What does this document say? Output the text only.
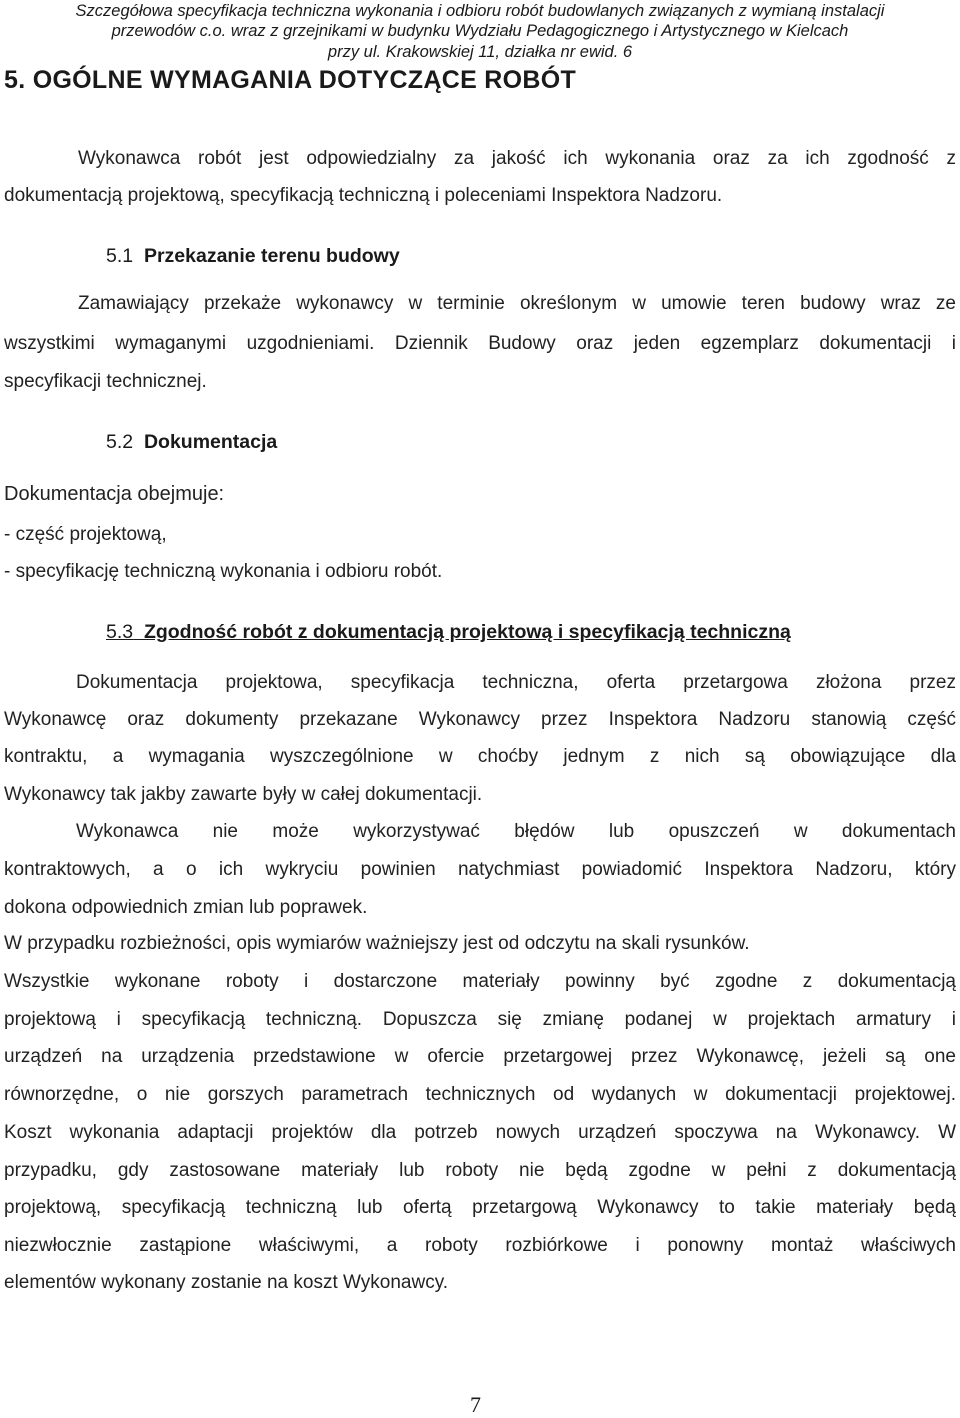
Szczegółowa specyfikacja techniczna wykonania i odbioru robót budowlanych związanych z wymianą instalacji
przewodów c.o. wraz z grzejnikami w budynku Wydziału Pedagogicznego i Artystycznego w Kielcach
przy ul. Krakowskiej 11, działka nr ewid. 6
5. OGÓLNE WYMAGANIA DOTYCZĄCE ROBÓT
Wykonawca robót jest odpowiedzialny za jakość ich wykonania oraz za ich zgodność z
dokumentacją projektową, specyfikacją techniczną i poleceniami Inspektora Nadzoru.
5.1 Przekazanie terenu budowy
Zamawiający przekaże wykonawcy w terminie określonym w umowie teren budowy wraz ze
wszystkimi wymaganymi uzgodnieniami. Dziennik Budowy oraz jeden egzemplarz dokumentacji i
specyfikacji technicznej.
5.2 Dokumentacja
Dokumentacja obejmuje:
- część projektową,
- specyfikację techniczną wykonania i odbioru robót.
5.3 Zgodność robót z dokumentacją projektową i specyfikacją techniczną
Dokumentacja projektowa, specyfikacja techniczna, oferta przetargowa złożona przez
Wykonawcę oraz dokumenty przekazane Wykonawcy przez Inspektora Nadzoru stanowią część
kontraktu, a wymagania wyszczególnione w choćby jednym z nich są obowiązujące dla
Wykonawcy tak jakby zawarte były w całej dokumentacji.
Wykonawca nie może wykorzystywać błędów lub opuszczeń w dokumentach
kontraktowych, a o ich wykryciu powinien natychmiast powiadomić Inspektora Nadzoru, który
dokona odpowiednich zmian lub poprawek.
W przypadku rozbieżności, opis wymiarów ważniejszy jest od odczytu na skali rysunków.
Wszystkie wykonane roboty i dostarczone materiały powinny być zgodne z dokumentacją
projektową i specyfikacją techniczną. Dopuszcza się zmianę podanej w projektach armatury i
urządzeń na urządzenia przedstawione w ofercie przetargowej przez Wykonawcę, jeżeli są one
równorzędne, o nie gorszych parametrach technicznych od wydanych w dokumentacji projektowej.
Koszt wykonania adaptacji projektów dla potrzeb nowych urządzeń spoczywa na Wykonawcy. W
przypadku, gdy zastosowane materiały lub roboty nie będą zgodne w pełni z dokumentacją
projektową, specyfikacją techniczną lub ofertą przetargową Wykonawcy to takie materiały będą
niezwłocznie zastąpione właściwymi, a roboty rozbiórkowe i ponowny montaż właściwych
elementów wykonany zostanie na koszt Wykonawcy.
7
